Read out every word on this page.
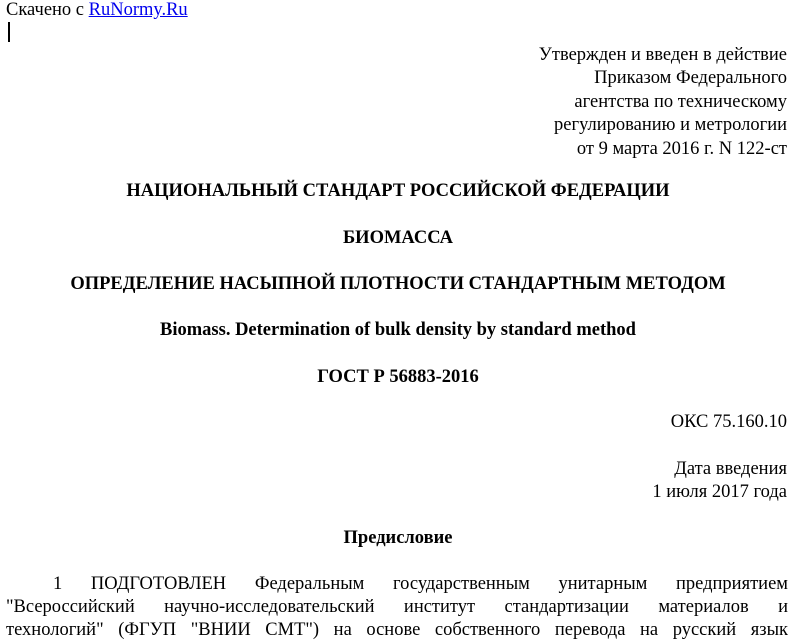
Скачено с RuNormy.Ru
Утвержден и введен в действие
Приказом Федерального
агентства по техническому
регулированию и метрологии
от 9 марта 2016 г. N 122-ст
НАЦИОНАЛЬНЫЙ СТАНДАРТ РОССИЙСКОЙ ФЕДЕРАЦИИ
БИОМАССА
ОПРЕДЕЛЕНИЕ НАСЫПНОЙ ПЛОТНОСТИ СТАНДАРТНЫМ МЕТОДОМ
Biomass. Determination of bulk density by standard method
ГОСТ Р 56883-2016
ОКС 75.160.10
Дата введения
1 июля 2017 года
Предисловие
1 ПОДГОТОВЛЕН Федеральным государственным унитарным предприятием
"Всероссийский научно-исследовательский институт стандартизации материалов и
технологий" (ФГУП "ВНИИ СМТ") на основе собственного перевода на русский язык
